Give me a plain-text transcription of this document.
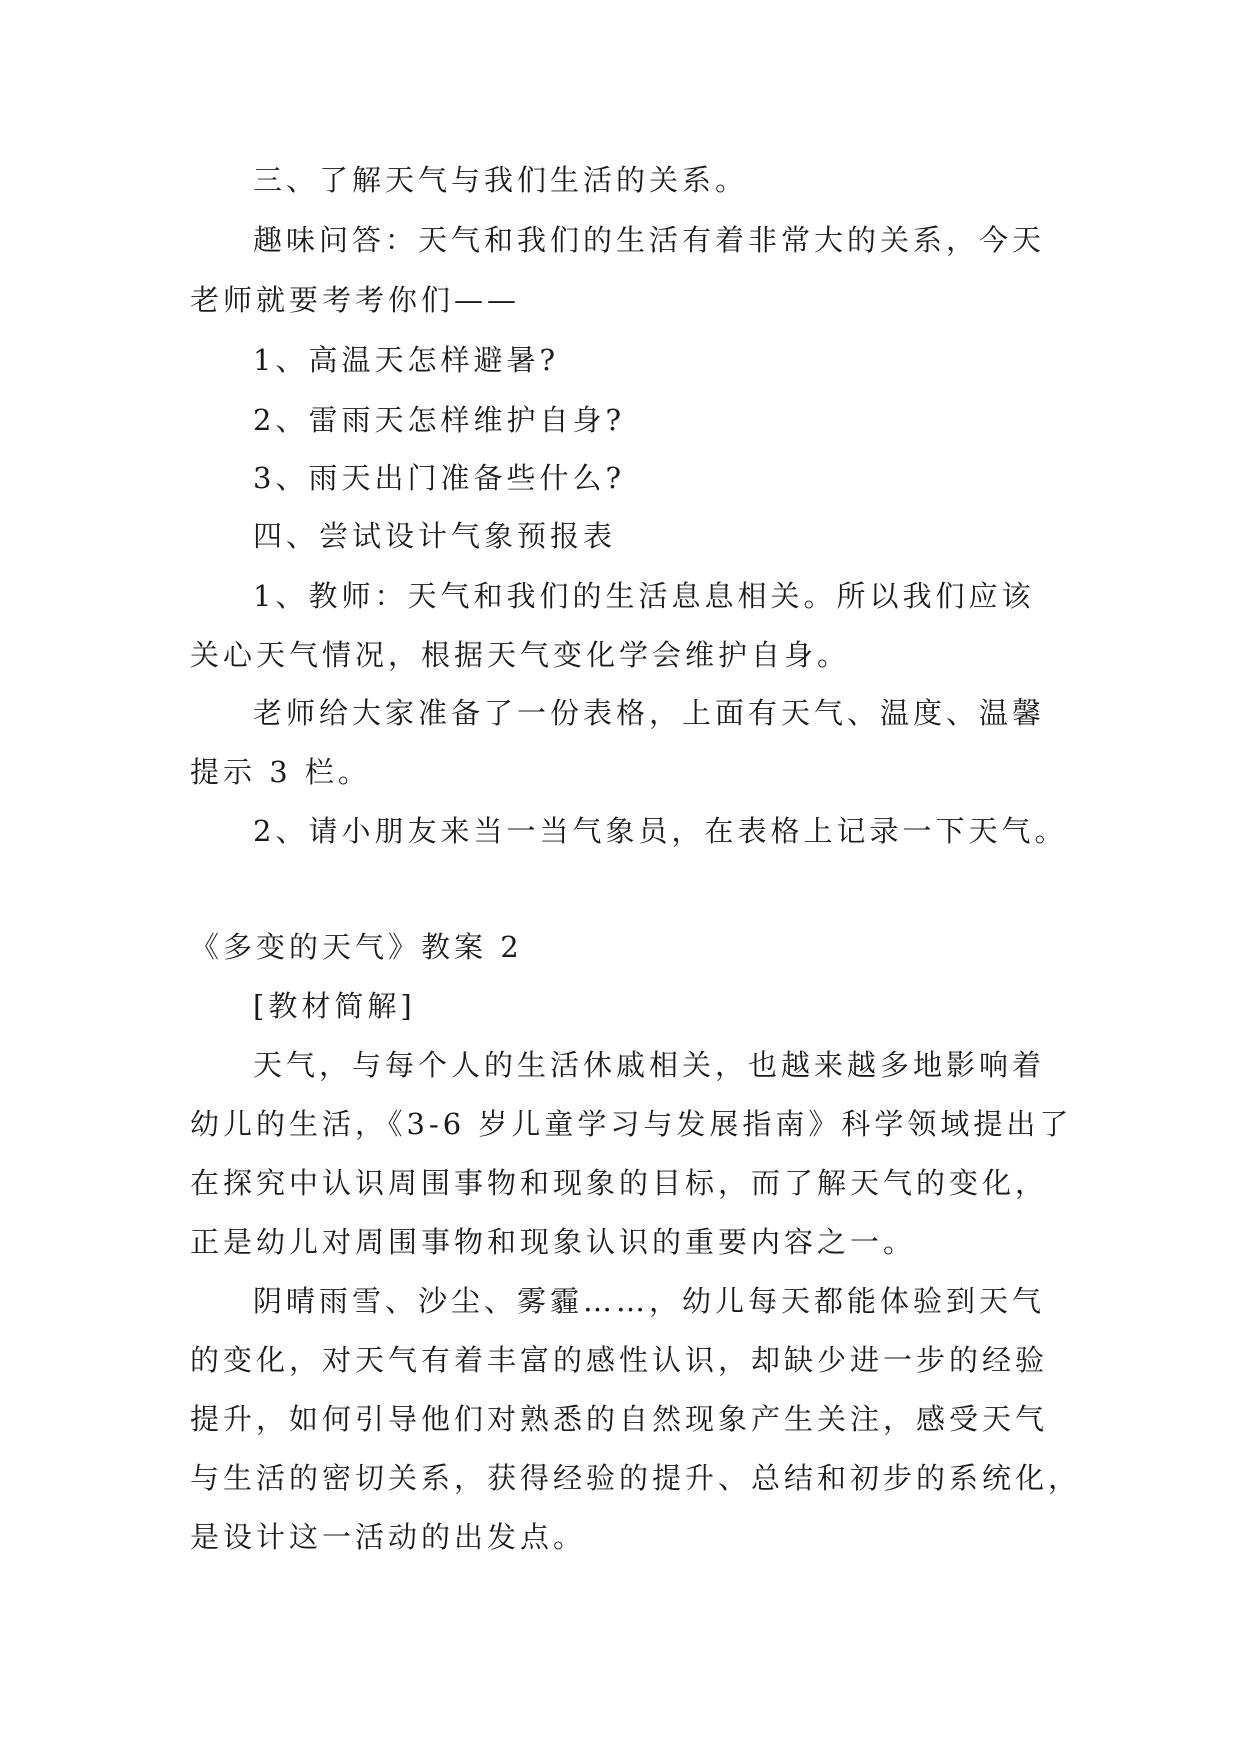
三、了解天气与我们生活的关系。
趣味问答：天气和我们的生活有着非常大的关系，今天
老师就要考考你们——
1、高温天怎样避暑?
2、雷雨天怎样维护自身?
3、雨天出门准备些什么?
四、尝试设计气象预报表
1、教师：天气和我们的生活息息相关。所以我们应该
关心天气情况，根据天气变化学会维护自身。
老师给大家准备了一份表格，上面有天气、温度、温馨
提示 3 栏。
2、请小朋友来当一当气象员，在表格上记录一下天气。
《多变的天气》教案 2
[教材简解]
天气，与每个人的生活休戚相关，也越来越多地影响着
幼儿的生活，《3-6 岁儿童学习与发展指南》科学领域提出了
在探究中认识周围事物和现象的目标，而了解天气的变化，
正是幼儿对周围事物和现象认识的重要内容之一。
阴晴雨雪、沙尘、雾霾……，幼儿每天都能体验到天气
的变化，对天气有着丰富的感性认识，却缺少进一步的经验
提升，如何引导他们对熟悉的自然现象产生关注，感受天气
与生活的密切关系，获得经验的提升、总结和初步的系统化，
是设计这一活动的出发点。
